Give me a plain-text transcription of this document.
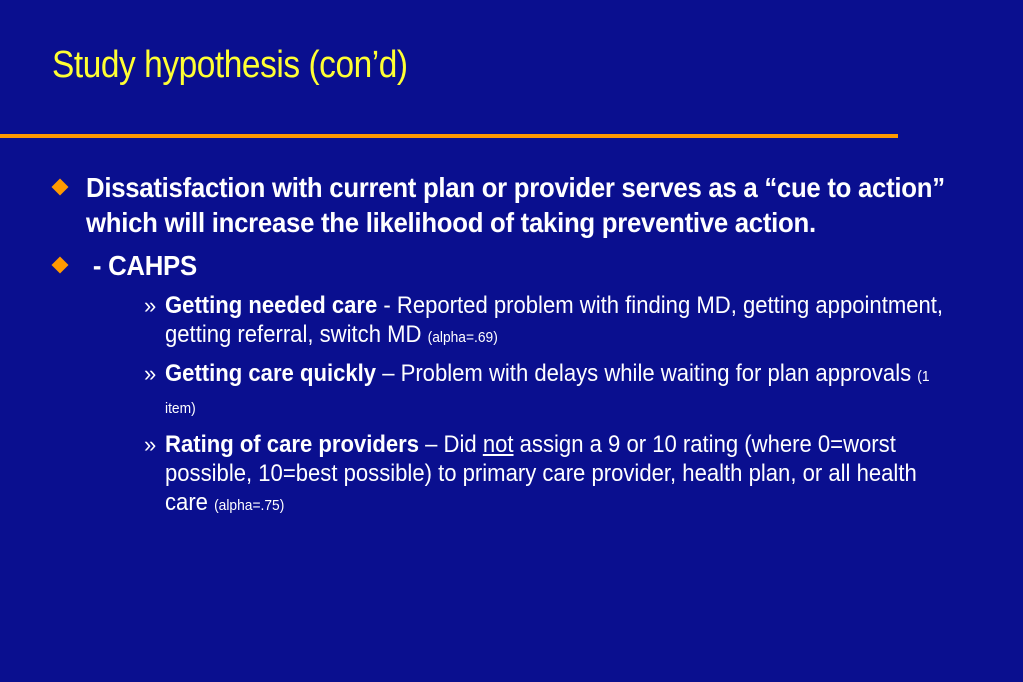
Study hypothesis (con’d)
Dissatisfaction with current plan or provider serves as a “cue to action” which will increase the likelihood of taking preventive action.
- CAHPS
» Getting needed care - Reported problem with finding MD, getting appointment, getting referral, switch MD (alpha=.69)
» Getting care quickly – Problem with delays while waiting for plan approvals (1 item)
» Rating of care providers – Did not assign a 9 or 10 rating (where 0=worst possible, 10=best possible) to primary care provider, health plan, or all health care (alpha=.75)
